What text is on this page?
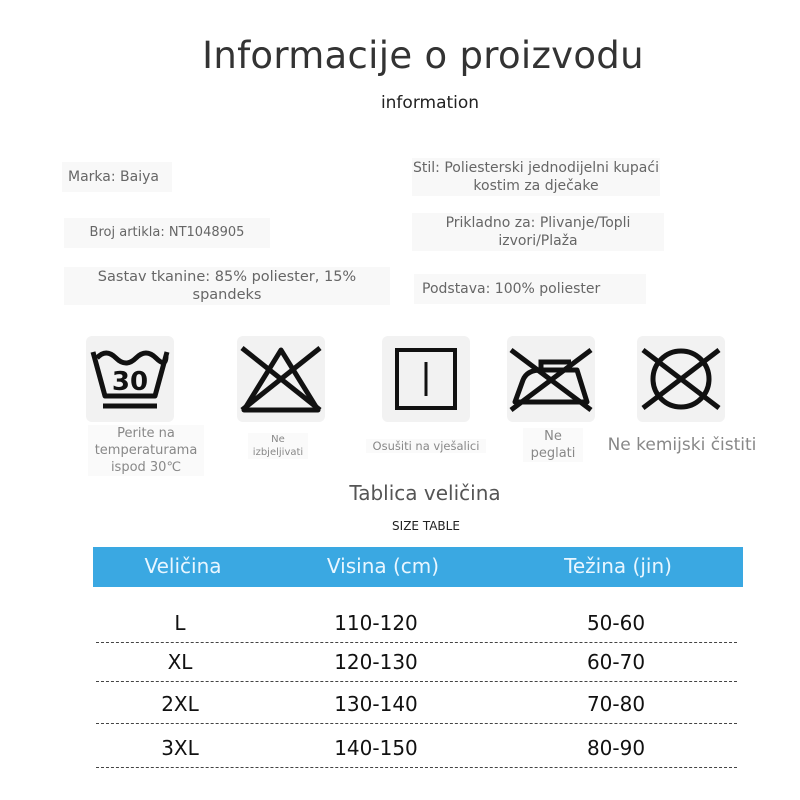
Informacije o proizvodu
information
Marka: Baiya
Stil: Poliesterski jednodijelni kupaći kostim za dječake
Broj artikla: NT1048905
Prikladno za: Plivanje/Topli izvori/Plaža
Sastav tkanine: 85% poliester, 15% spandeks	Podstava: 100% poliester
30
Perite na temperaturama ispod 30℃
Ne izbjeljivati	Osušiti na vješalici
Ne peglati	Ne kemijski čistiti
Tablica veličina
SIZE TABLE
Veličina	Visina (cm)	Težina (jin)
L	110-120	50-60
XL	120-130	60-70
2XL	130-140	70-80
3XL	140-150	80-90
